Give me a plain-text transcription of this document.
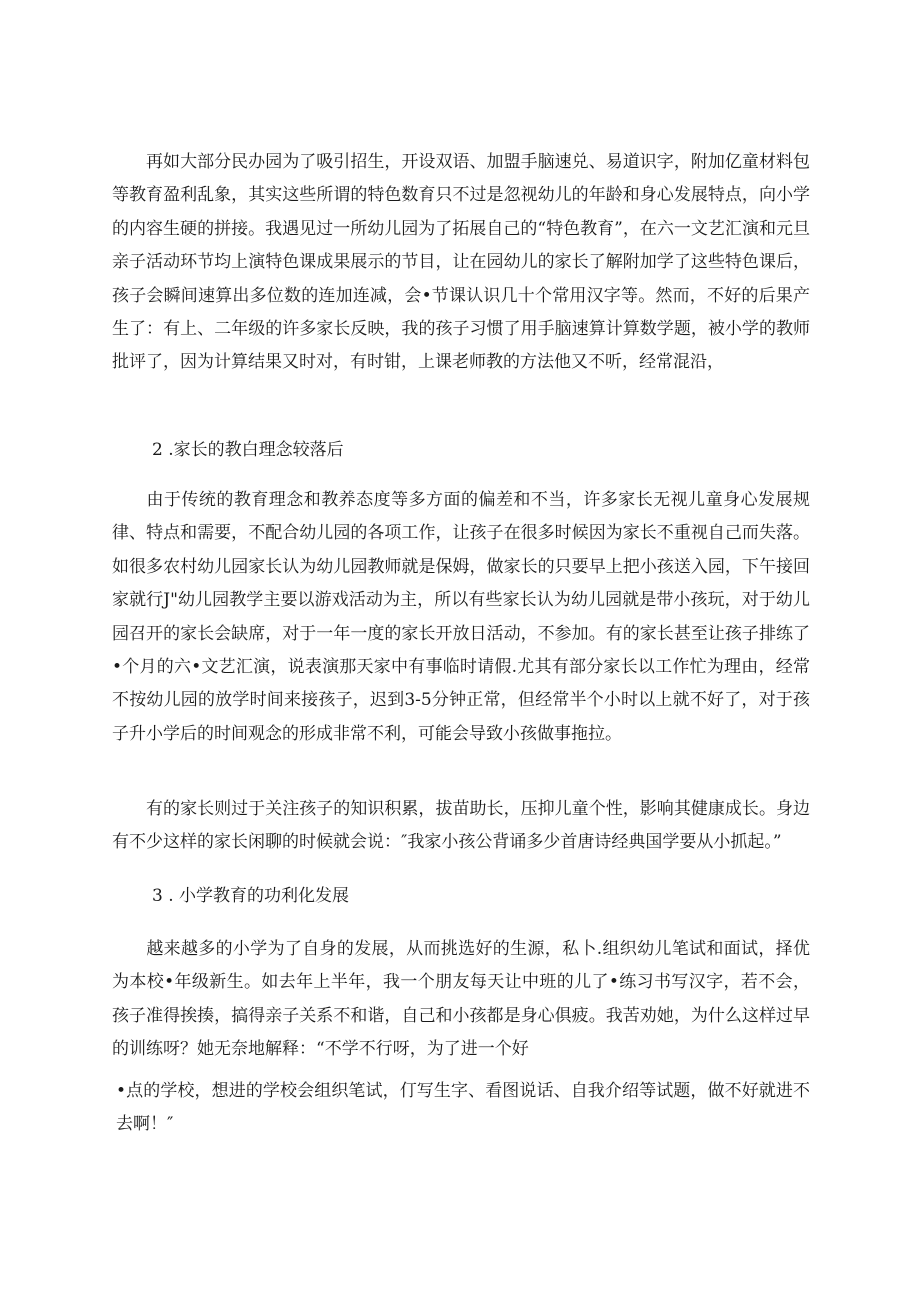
再如大部分民办园为了吸引招生，开设双语、加盟手脑速兑、易道识字，附加亿童材料包等教育盈利乱象，其实这些所谓的特色数育只不过是忽视幼儿的年龄和身心发展特点，向小学的内容生硬的拼接。我遇见过一所幼儿园为了拓展自己的“特色教育”，在六一文艺汇演和元旦亲子活动环节均上演特色课成果展示的节目，让在园幼儿的家长了解附加学了这些特色课后，孩子会瞬间速算出多位数的连加连减，会•节课认识几十个常用汉字等。然而，不好的后果产生了：有上、二年级的许多家长反映，我的孩子习惯了用手脑速算计算数学题，被小学的教师批评了，因为计算结果又时对，有时钳，上课老师教的方法他又不听，经常混沿，

2 .家长的教白理念较落后

由于传统的教育理念和教养态度等多方面的偏差和不当，许多家长无视儿童身心发展规律、特点和需要，不配合幼儿园的各项工作，让孩子在很多时候因为家长不重视自己而失落。如很多农村幼儿园家长认为幼儿园教师就是保姆，做家长的只要早上把小孩送入园，下午接回家就行J"幼儿园教学主要以游戏活动为主，所以有些家长认为幼儿园就是带小孩玩，对于幼儿园召开的家长会缺席，对于一年一度的家长开放日活动，不参加。有的家长甚至让孩子排练了•个月的六•文艺汇演，说表演那天家中有事临时请假.尤其有部分家长以工作忙为理由，经常不按幼儿园的放学时间来接孩子，迟到3-5分钟正常，但经常半个小时以上就不好了，对于孩子升小学后的时间观念的形成非常不利，可能会导致小孩做事拖拉。

有的家长则过于关注孩子的知识积累，拔苗助长，压抑儿童个性，影响其健康成长。身边有不少这样的家长闲聊的时候就会说：″我家小孩公背诵多少首唐诗经典国学要从小抓起。”

3 . 小学教育的功利化发展

越来越多的小学为了自身的发展，从而挑选好的生源，私卜.组织幼儿笔试和面试，择优为本校•年级新生。如去年上半年，我一个朋友每天让中班的儿了•练习书写汉字，若不会，孩子准得挨揍，搞得亲子关系不和谐，自己和小孩都是身心俱疲。我苦劝她，为什么这样过早的训练呀？她无奈地解释：“不学不行呀，为了进一个好

•点的学校，想进的学校会组织笔试，仃写生字、看图说话、自我介绍等试题，做不好就进不去啊！″
